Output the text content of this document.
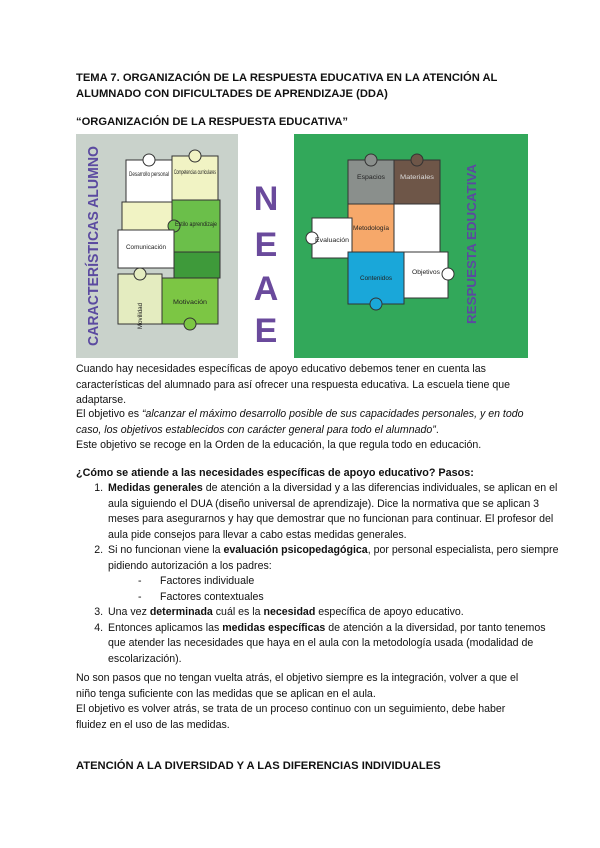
TEMA 7. ORGANIZACIÓN DE LA RESPUESTA EDUCATIVA EN LA ATENCIÓN AL ALUMNADO CON DIFICULTADES DE APRENDIZAJE (DDA)
“ORGANIZACIÓN DE LA RESPUESTA EDUCATIVA”
CARACTERÍSTICAS ALUMNO	Desarrollo personal Competencias curriculares
Estilo aprendizaje
Comunicación
Motivación
Movilidad
N
E
A
E
Espacios	Materiales
Metodología
Evaluación
Contenidos
Objetivos RESPUESTA EDUCATIVA
Cuando hay necesidades específicas de apoyo educativo debemos tener en cuenta las características del alumnado para así ofrecer una respuesta educativa. La escuela tiene que adaptarse.
El objetivo es “alcanzar el máximo desarrollo posible de sus capacidades personales, y en todo caso, los objetivos establecidos con carácter general para todo el alumnado”.
Este objetivo se recoge en la Orden de la educación, la que regula todo en educación.
¿Cómo se atiende a las necesidades específicas de apoyo educativo? Pasos:
1. Medidas generales de atención a la diversidad y a las diferencias individuales, se aplican en el aula siguiendo el DUA (diseño universal de aprendizaje). Dice la normativa que se aplican 3 meses para asegurarnos y hay que demostrar que no funcionan para continuar. El profesor del aula pide consejos para llevar a cabo estas medidas generales.
2. Si no funcionan viene la evaluación psicopedagógica, por personal especialista, pero siempre pidiendo autorización a los padres:
- Factores individuale
- Factores contextuales
3. Una vez determinada cuál es la necesidad específica de apoyo educativo.
4. Entonces aplicamos las medidas específicas de atención a la diversidad, por tanto tenemos que atender las necesidades que haya en el aula con la metodología usada (modalidad de escolarización).
No son pasos que no tengan vuelta atrás, el objetivo siempre es la integración, volver a que el niño tenga suficiente con las medidas que se aplican en el aula.
El objetivo es volver atrás, se trata de un proceso continuo con un seguimiento, debe haber fluidez en el uso de las medidas.
ATENCIÓN A LA DIVERSIDAD Y A LAS DIFERENCIAS INDIVIDUALES
